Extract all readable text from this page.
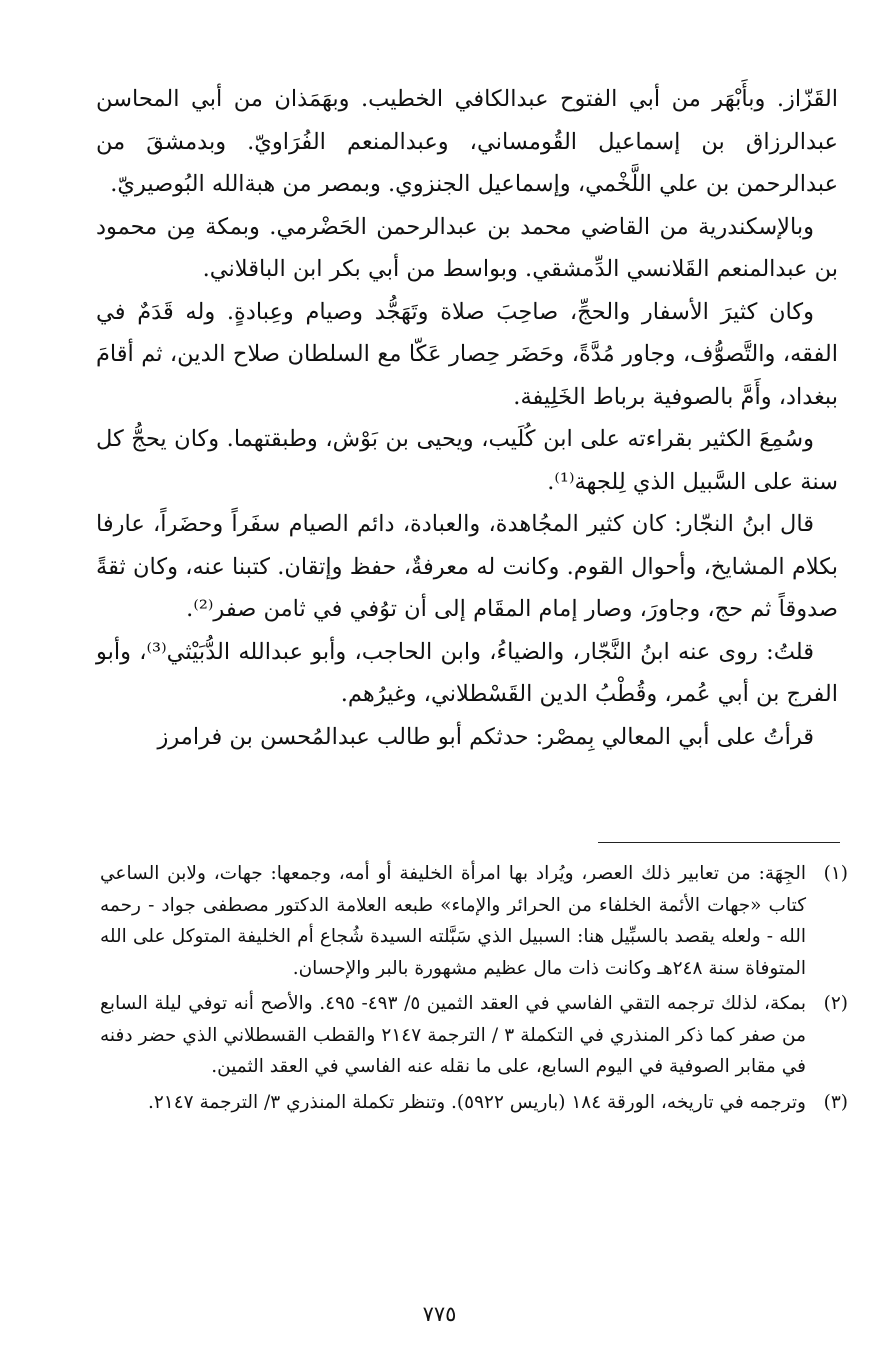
القَزّاز. وبأَبْهَر من أبي الفتوح عبدالكافي الخطيب. وبهَمَذان من أبي المحاسن عبدالرزاق بن إسماعيل القُومساني، وعبدالمنعم الفُرَاويّ. وبدمشقَ من عبدالرحمن بن علي اللَّخْمي، وإسماعيل الجنزوي. وبمصر من هبةالله البُوصيريّ.

وبالإسكندرية من القاضي محمد بن عبدالرحمن الحَضْرمي. وبمكة مِن محمود بن عبدالمنعم القَلانسي الدِّمشقي. وبواسط من أبي بكر ابن الباقلاني.

وكان كثيرَ الأسفار والحجِّ، صاحِبَ صلاة وتَهَجُّد وصيام وعِبادةٍ. وله قَدَمٌ في الفقه، والتَّصوُّف، وجاور مُدَّةً، وحَضَر حِصار عَكّا مع السلطان صلاح الدين، ثم أقامَ ببغداد، وأَمَّ بالصوفية برباط الخَلِيفة.

وسُمِعَ الكثير بقراءته على ابن كُلَيب، ويحيى بن بَوْش، وطبقتهما. وكان يحجُّ كل سنة على السَّبيل الذي لِلجهة⁽¹⁾.

قال ابنُ النجّار: كان كثير المجُاهدة، والعبادة، دائم الصيام سفَراً وحضَراً، عارفا بكلام المشايخ، وأحوال القوم. وكانت له معرفةٌ، حفظ وإتقان. كتبنا عنه، وكان ثقةً صدوقاً ثم حج، وجاورَ، وصار إمام المقَام إلى أن توُفي في ثامن صفر⁽²⁾.

قلتُ: روى عنه ابنُ النَّجّار، والضياءُ، وابن الحاجب، وأبو عبدالله الدُّبَيْثي⁽³⁾، وأبو الفرج بن أبي عُمر، وقُطْبُ الدين القَسْطلاني، وغيرُهم.

قرأتُ على أبي المعالي بِمصْر: حدثكم أبو طالب عبدالمُحسن بن فرامرز

(١)
الجِهَة: من تعابير ذلك العصر، ويُراد بها امرأة الخليفة أو أمه، وجمعها: جهات، ولابن الساعي كتاب «جهات الأئمة الخلفاء من الحرائر والإماء» طبعه العلامة الدكتور مصطفى جواد - رحمه الله - ولعله يقصد بالسبِّيل هنا: السبيل الذي سَبَّلته السيدة شُجاع أم الخليفة المتوكل على الله المتوفاة سنة ٢٤٨هـ وكانت ذات مال عظيم مشهورة بالبر والإحسان.
(٢)
بمكة، لذلك ترجمه التقي الفاسي في العقد الثمين ٥/ ٤٩٣- ٤٩٥. والأصح أنه توفي ليلة السابع من صفر كما ذكر المنذري في التكملة ٣ / الترجمة ٢١٤٧ والقطب القسطلاني الذي حضر دفنه في مقابر الصوفية في اليوم السابع، على ما نقله عنه الفاسي في العقد الثمين.
(٣)
وترجمه في تاريخه، الورقة ١٨٤ (باريس ٥٩٢٢). وتنظر تكملة المنذري ٣/ الترجمة ٢١٤٧.
٧٧٥
